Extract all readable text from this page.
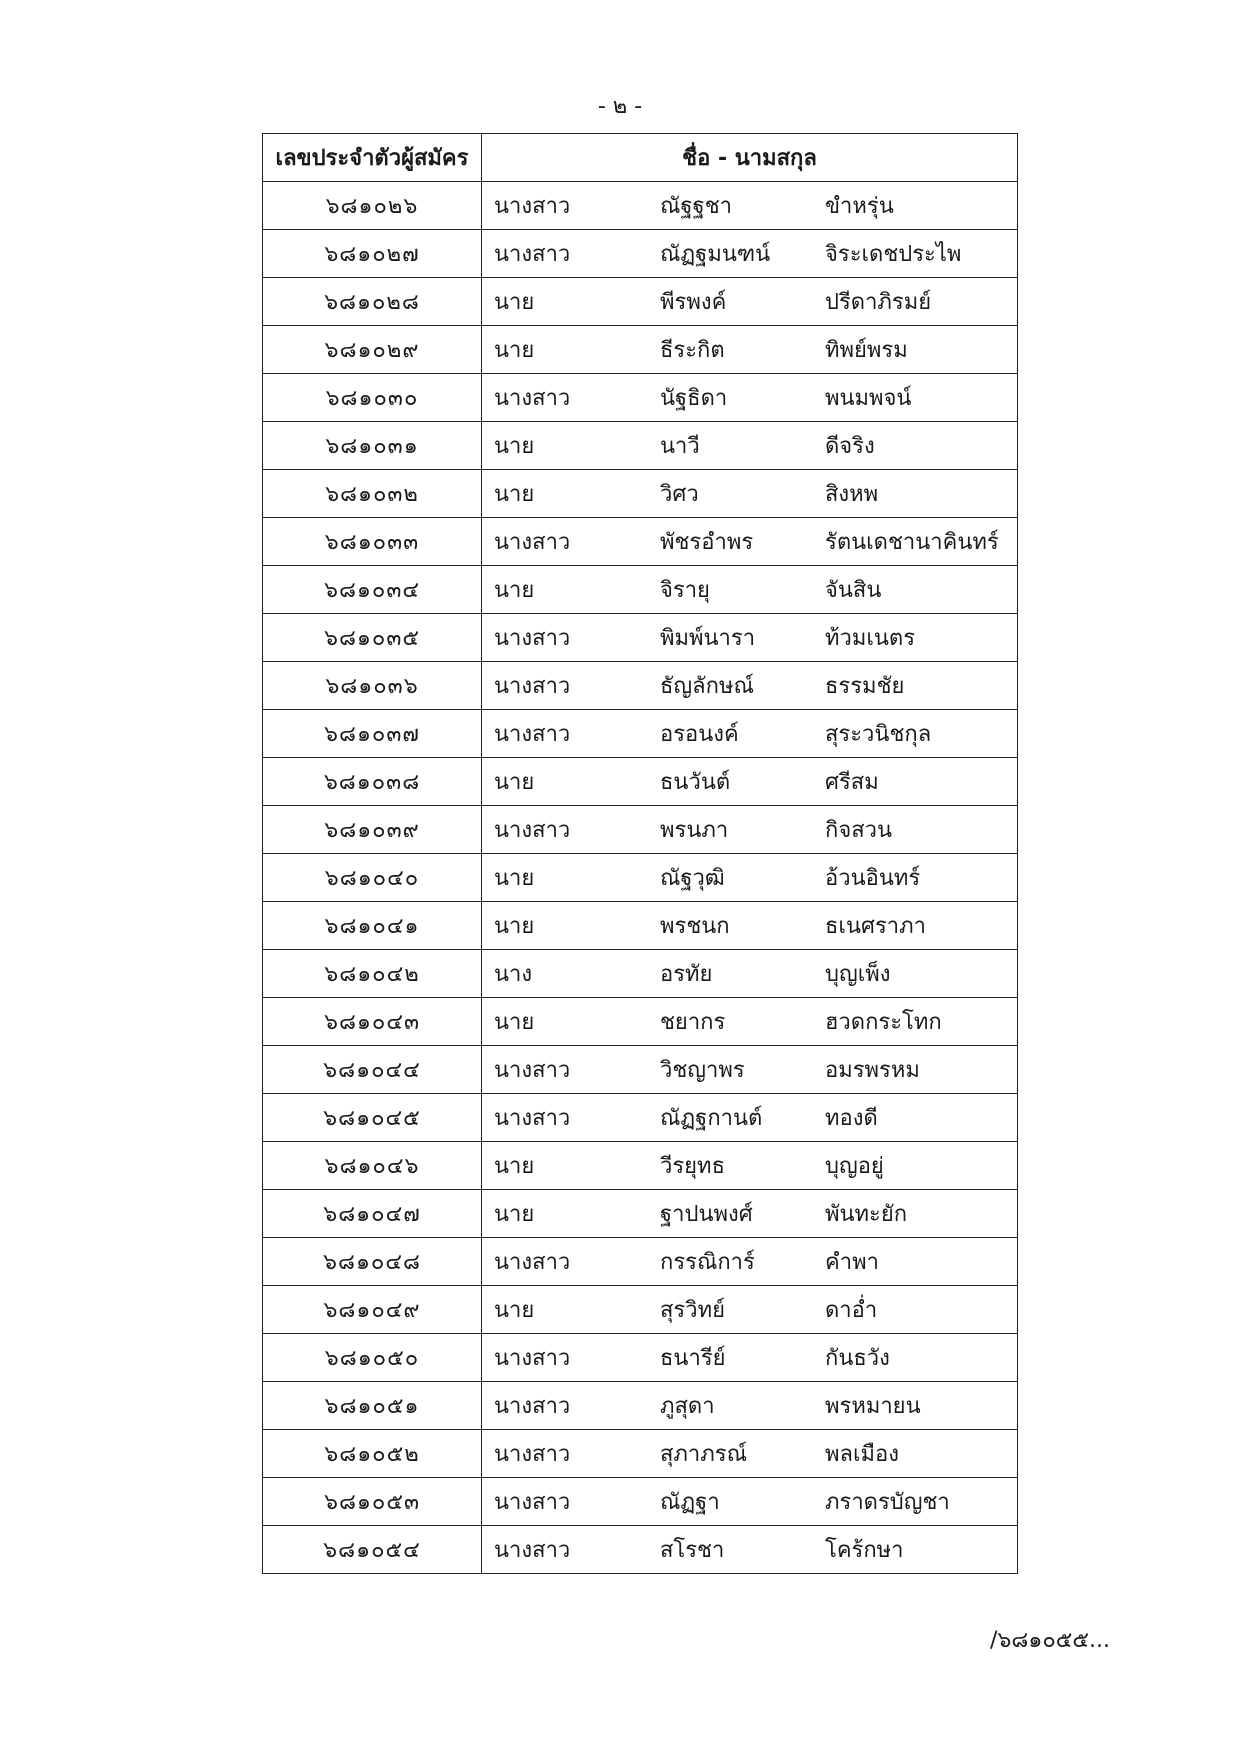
- ๒ -
เลขประจำตัวผู้สมัคร	ชื่อ - นามสกุล
๖๘๑๐๒๖	นางสาว ณัฐฐชา ขำหรุ่น

๖๘๑๐๒๗	นางสาว ณัฏฐมนฑน์ จิระเดชประไพ

๖๘๑๐๒๘	นาย พีรพงค์ ปรีดาภิรมย์

๖๘๑๐๒๙	นาย ธีระกิต ทิพย์พรม

๖๘๑๐๓๐	นางสาว นัฐธิดา พนมพจน์

๖๘๑๐๓๑	นาย นาวี ดีจริง

๖๘๑๐๓๒	นาย วิศว สิงหพ

๖๘๑๐๓๓	นางสาว พัชรอำพร รัตนเดชานาคินทร์

๖๘๑๐๓๔	นาย จิรายุ จันสิน

๖๘๑๐๓๕	นางสาว พิมพ์นารา ท้วมเนตร

๖๘๑๐๓๖	นางสาว ธัญลักษณ์ ธรรมชัย

๖๘๑๐๓๗	นางสาว อรอนงค์ สุระวนิชกุล

๖๘๑๐๓๘	นาย ธนวันต์ ศรีสม

๖๘๑๐๓๙	นางสาว พรนภา กิจสวน

๖๘๑๐๔๐	นาย ณัฐวุฒิ อ้วนอินทร์

๖๘๑๐๔๑	นาย พรชนก ธเนศราภา

๖๘๑๐๔๒	นาง อรทัย บุญเพ็ง

๖๘๑๐๔๓	นาย ชยากร ฮวดกระโทก

๖๘๑๐๔๔	นางสาว วิชญาพร อมรพรหม

๖๘๑๐๔๕	นางสาว ณัฏฐกานต์ ทองดี

๖๘๑๐๔๖	นาย วีรยุทธ บุญอยู่

๖๘๑๐๔๗	นาย ฐาปนพงศ์ พันทะยัก

๖๘๑๐๔๘	นางสาว กรรณิการ์ คำพา

๖๘๑๐๔๙	นาย สุรวิทย์ ดาอ่ำ

๖๘๑๐๕๐	นางสาว ธนารีย์ กันธวัง

๖๘๑๐๕๑	นางสาว ภูสุดา พรหมายน

๖๘๑๐๕๒	นางสาว สุภาภรณ์ พลเมือง

๖๘๑๐๕๓	นางสาว ณัฏฐา ภราดรบัญชา

๖๘๑๐๕๔	นางสาว สโรชา โคร้กษา
/๖๘๑๐๕๕...
